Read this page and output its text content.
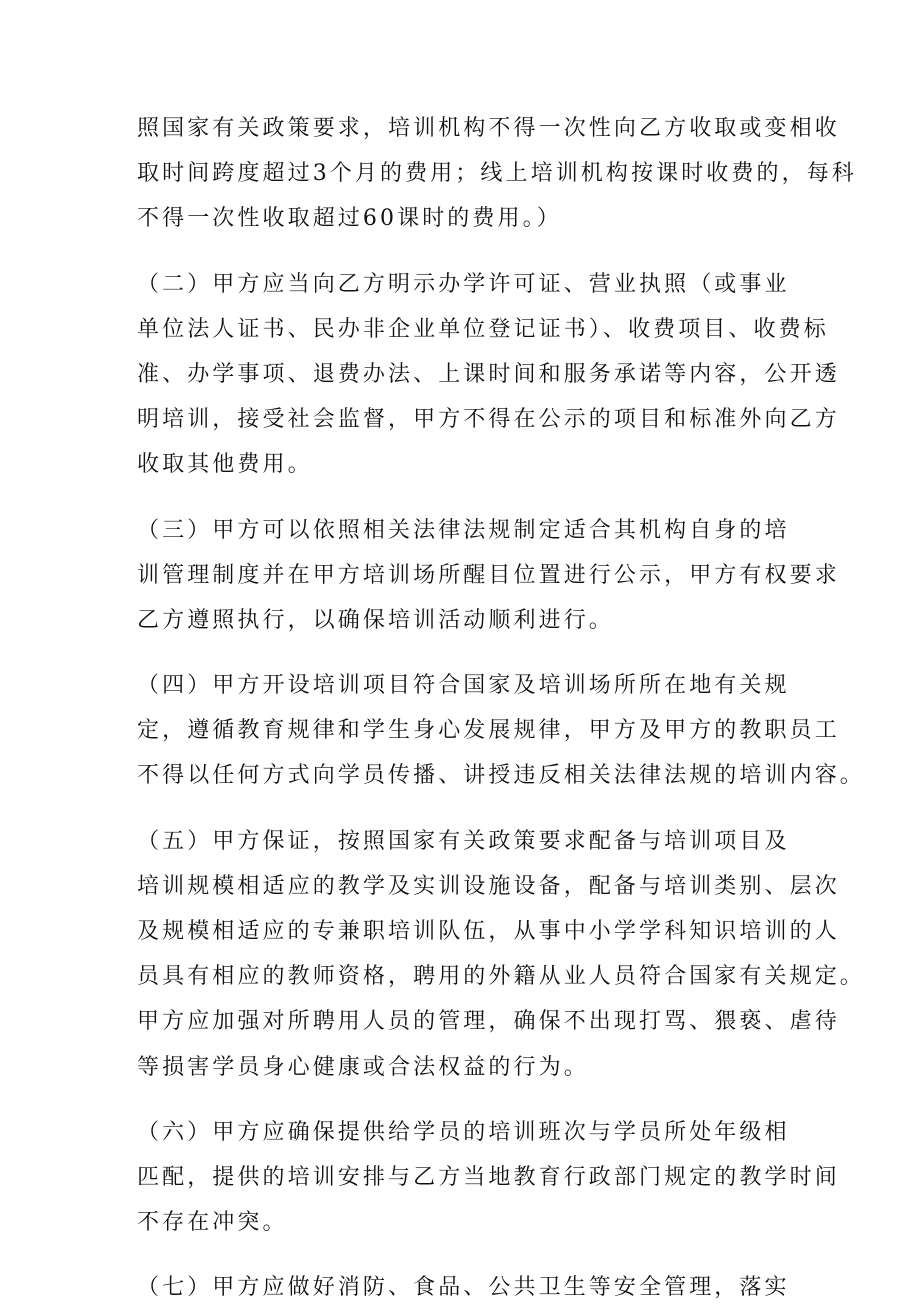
照国家有关政策要求，培训机构不得一次性向乙方收取或变相收
取时间跨度超过3个月的费用；线上培训机构按课时收费的，每科
不得一次性收取超过60课时的费用。）
（二）甲方应当向乙方明示办学许可证、营业执照（或事业
单位法人证书、民办非企业单位登记证书）、收费项目、收费标
准、办学事项、退费办法、上课时间和服务承诺等内容，公开透
明培训，接受社会监督，甲方不得在公示的项目和标准外向乙方
收取其他费用。
（三）甲方可以依照相关法律法规制定适合其机构自身的培
训管理制度并在甲方培训场所醒目位置进行公示，甲方有权要求
乙方遵照执行，以确保培训活动顺利进行。
（四）甲方开设培训项目符合国家及培训场所所在地有关规
定，遵循教育规律和学生身心发展规律，甲方及甲方的教职员工
不得以任何方式向学员传播、讲授违反相关法律法规的培训内容。
（五）甲方保证，按照国家有关政策要求配备与培训项目及
培训规模相适应的教学及实训设施设备，配备与培训类别、层次
及规模相适应的专兼职培训队伍，从事中小学学科知识培训的人
员具有相应的教师资格，聘用的外籍从业人员符合国家有关规定。
甲方应加强对所聘用人员的管理，确保不出现打骂、猥亵、虐待
等损害学员身心健康或合法权益的行为。
（六）甲方应确保提供给学员的培训班次与学员所处年级相
匹配，提供的培训安排与乙方当地教育行政部门规定的教学时间
不存在冲突。
（七）甲方应做好消防、食品、公共卫生等安全管理，落实
